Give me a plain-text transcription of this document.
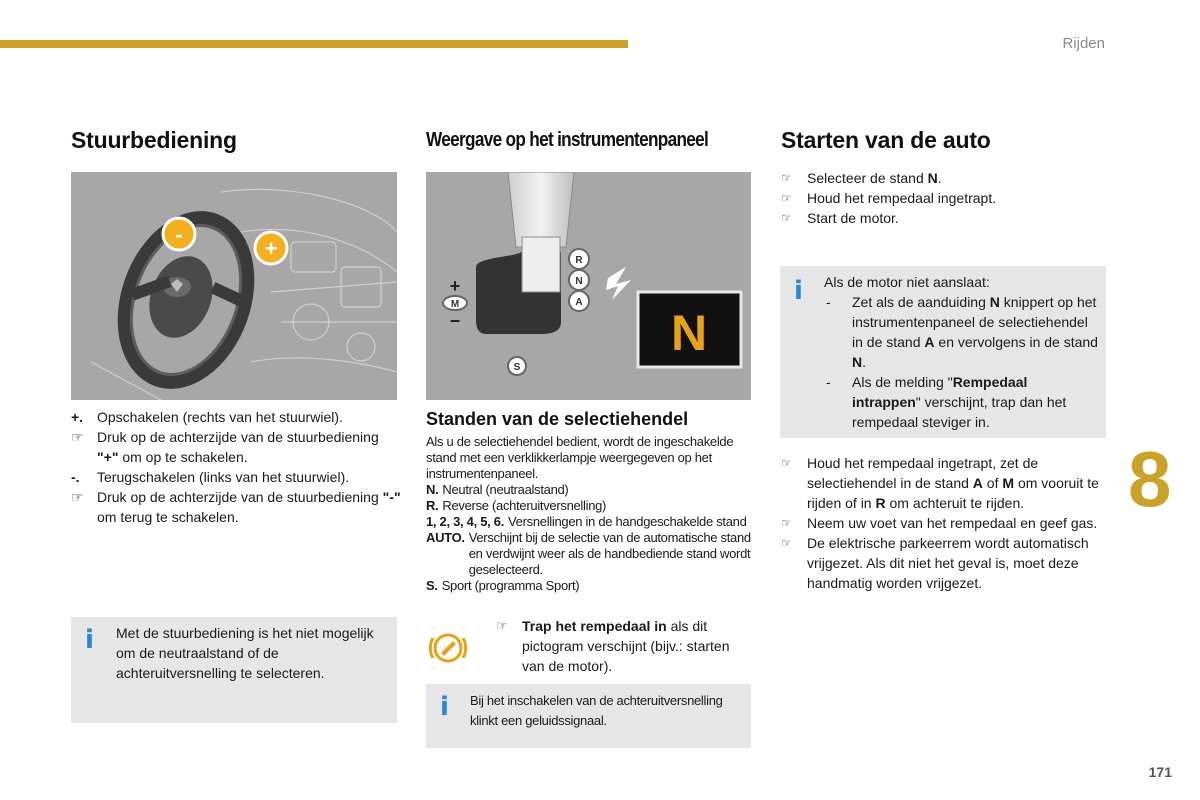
Rijden
8
171
Stuurbediening
-
+
+. Opschakelen (rechts van het stuurwiel).
☞ Druk op de achterzijde van de stuurbediening "+" om op te schakelen.
-.	Terugschakelen (links van het stuurwiel).
☞ Druk op de achterzijde van de stuurbediening "-" om terug te schakelen.
i Met de stuurbediening is het niet mogelijk om de neutraalstand of de achteruitversnelling te selecteren.
Weergave op het instrumentenpaneel
S
R
N
A
+
M
−	N
Standen van de selectiehendel
Als u de selectiehendel bedient, wordt de ingeschakelde stand met een verklikkerlampje weergegeven op het instrumentenpaneel.
N. Neutral (neutraalstand)
R. Reverse (achteruitversnelling)
1, 2, 3, 4, 5, 6. Versnellingen in de handgeschakelde stand
AUTO. Verschijnt bij de selectie van de automatische stand en verdwijnt weer als de handbediende stand wordt geselecteerd.
S. Sport (programma Sport)
☞	Trap het rempedaal in als dit pictogram verschijnt (bijv.: starten van de motor).
i Bij het inschakelen van de achteruitversnelling klinkt een geluidssignaal.
Starten van de auto
☞	Selecteer de stand N.
☞	Houd het rempedaal ingetrapt.
☞	Start de motor.
i Als de motor niet aanslaat:
-	Zet als de aanduiding N knippert op het instrumentenpaneel de selectiehendel in de stand A en vervolgens in de stand N.
-	Als de melding "Rempedaal intrappen" verschijnt, trap dan het rempedaal steviger in.
☞	Houd het rempedaal ingetrapt, zet de selectiehendel in de stand A of M om vooruit te rijden of in R om achteruit te rijden.
☞	Neem uw voet van het rempedaal en geef gas.
☞	De elektrische parkeerrem wordt automatisch vrijgezet. Als dit niet het geval is, moet deze handmatig worden vrijgezet.
